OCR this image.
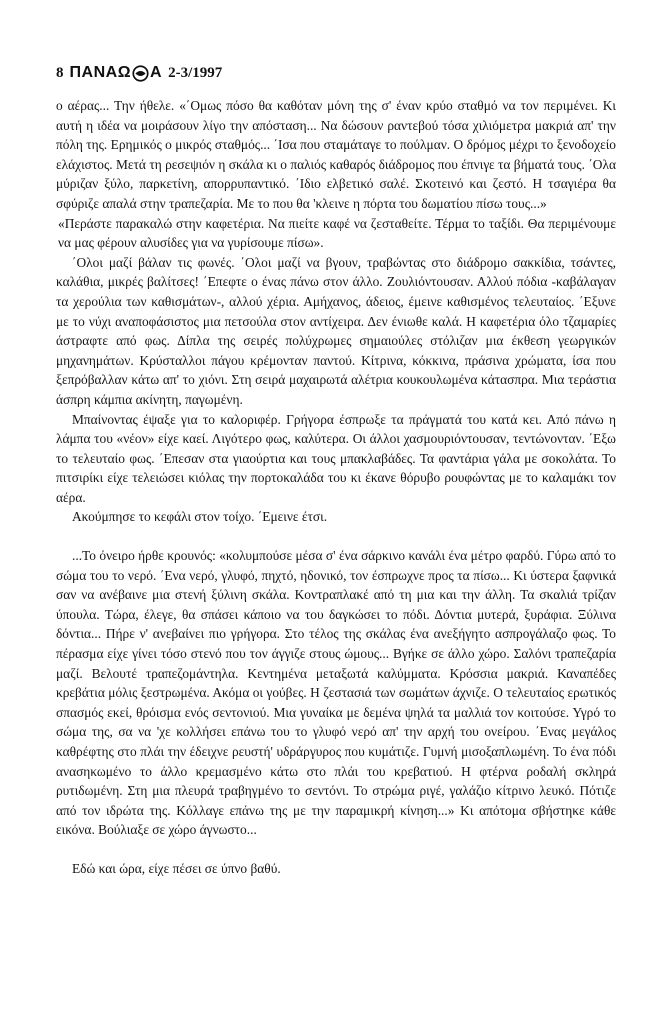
8 ΠΑΝΑΩ Α 2-3/1997

ο αέρας... Την ήθελε. «΄Ομως πόσο θα καθόταν μόνη της σ' έναν κρύο σταθμό να τον περιμένει. Κι αυτή η ιδέα να μοιράσουν λίγο την απόσταση... Να δώσουν ραντεβού τόσα χιλιόμετρα μακριά απ' την πόλη της. Ερημικός ο μικρός σταθμός... ΄Ισα που σταμάταγε το πούλμαν. Ο δρόμος μέχρι το ξενοδοχείο ελάχιστος. Μετά τη ρεσεψιόν η σκάλα κι ο παλιός καθαρός διάδρομος που έπνιγε τα βήματά τους. ΄Ολα μύριζαν ξύλο, παρκετίνη, απορρυπαντικό. ΄Ιδιο ελβετικό σαλέ. Σκοτεινό και ζεστό. Η τσαγιέρα θα σφύριζε απαλά στην τραπεζαρία. Με το που θα 'κλεινε η πόρτα του δωματίου πίσω τους...»

«Περάστε παρακαλώ στην καφετέρια. Να πιείτε καφέ να ζεσταθείτε. Τέρμα το ταξίδι. Θα περιμένουμε να μας φέρουν αλυσίδες για να γυρίσουμε πίσω».

΄Ολοι μαζί βάλαν τις φωνές. ΄Ολοι μαζί να βγουν, τραβώντας στο διάδρομο σακκίδια, τσάντες, καλάθια, μικρές βαλίτσες! ΄Επεφτε ο ένας πάνω στον άλλο. Ζουλιόντουσαν. Αλλού πόδια -καβάλαγαν τα χερούλια των καθισμάτων-, αλλού χέρια. Αμήχανος, άδειος, έμεινε καθισμένος τελευταίος. ΄Εξυνε με το νύχι αναποφάσιστος μια πετσούλα στον αντίχειρα. Δεν ένιωθε καλά. Η καφετέρια όλο τζαμαρίες άστραφτε από φως. Δίπλα της σειρές πολύχρωμες σημαιούλες στόλιζαν μια έκθεση γεωργικών μηχανημάτων. Κρύσταλλοι πάγου κρέμονταν παντού. Κίτρινα, κόκκινα, πράσινα χρώματα, ίσα που ξεπρόβαλλαν κάτω απ' το χιόνι. Στη σειρά μαχαιρωτά αλέτρια κουκουλωμένα κάτασπρα. Μια τεράστια άσπρη κάμπια ακίνητη, παγωμένη.

Μπαίνοντας έψαξε για το καλοριφέρ. Γρήγορα έσπρωξε τα πράγματά του κατά κει. Από πάνω η λάμπα του «νέον» είχε καεί. Λιγότερο φως, καλύτερα. Οι άλλοι χασμουριόντουσαν, τεντώνονταν. ΄Εξω το τελευταίο φως. ΄Επεσαν στα γιαούρτια και τους μπακλαβάδες. Τα φαντάρια γάλα με σοκολάτα. Το πιτσιρίκι είχε τελειώσει κιόλας την πορτοκαλάδα του κι έκανε θόρυβο ρουφώντας με το καλαμάκι τον αέρα.

Ακούμπησε το κεφάλι στον τοίχο. ΄Εμεινε έτσι.

...Το όνειρο ήρθε κρουνός: «κολυμπούσε μέσα σ' ένα σάρκινο κανάλι ένα μέτρο φαρδύ. Γύρω από το σώμα του το νερό. ΄Ενα νερό, γλυφό, πηχτό, ηδονικό, τον έσπρωχνε προς τα πίσω... Κι ύστερα ξαφνικά σαν να ανέβαινε μια στενή ξύλινη σκάλα. Κοντραπλακέ από τη μια και την άλλη. Τα σκαλιά τρίζαν ύπουλα. Τώρα, έλεγε, θα σπάσει κάποιο να του δαγκώσει το πόδι. Δόντια μυτερά, ξυράφια. Ξύλινα δόντια... Πήρε ν' ανεβαίνει πιο γρήγορα. Στο τέλος της σκάλας ένα ανεξήγητο ασπρογάλαζο φως. Το πέρασμα είχε γίνει τόσο στενό που τον άγγιζε στους ώμους... Βγήκε σε άλλο χώρο. Σαλόνι τραπεζαρία μαζί. Βελουτέ τραπεζομάντηλα. Κεντημένα μεταξωτά καλύμματα. Κρόσσια μακριά. Καναπέδες κρεβάτια μόλις ξεστρωμένα. Ακόμα οι γούβες. Η ζεστασιά των σωμάτων άχνιζε. Ο τελευταίος ερωτικός σπασμός εκεί, θρόισμα ενός σεντονιού. Μια γυναίκα με δεμένα ψηλά τα μαλλιά τον κοιτούσε. Υγρό το σώμα της, σα να 'χε κολλήσει επάνω του το γλυφό νερό απ' την αρχή του ονείρου. ΄Ενας μεγάλος καθρέφτης στο πλάι την έδειχνε ρευστή' υδράργυρος που κυμάτιζε. Γυμνή μισοξαπλωμένη. Το ένα πόδι ανασηκωμένο το άλλο κρεμασμένο κάτω στο πλάι του κρεβατιού. Η φτέρνα ροδαλή σκληρά ρυτιδωμένη. Στη μια πλευρά τραβηγμένο το σεντόνι. Το στρώμα ριγέ, γαλάζιο κίτρινο λευκό. Πότιζε από τον ιδρώτα της. Κόλλαγε επάνω της με την παραμικρή κίνηση...» Κι απότομα σβήστηκε κάθε εικόνα. Βούλιαξε σε χώρο άγνωστο...

Εδώ και ώρα, είχε πέσει σε ύπνο βαθύ.
